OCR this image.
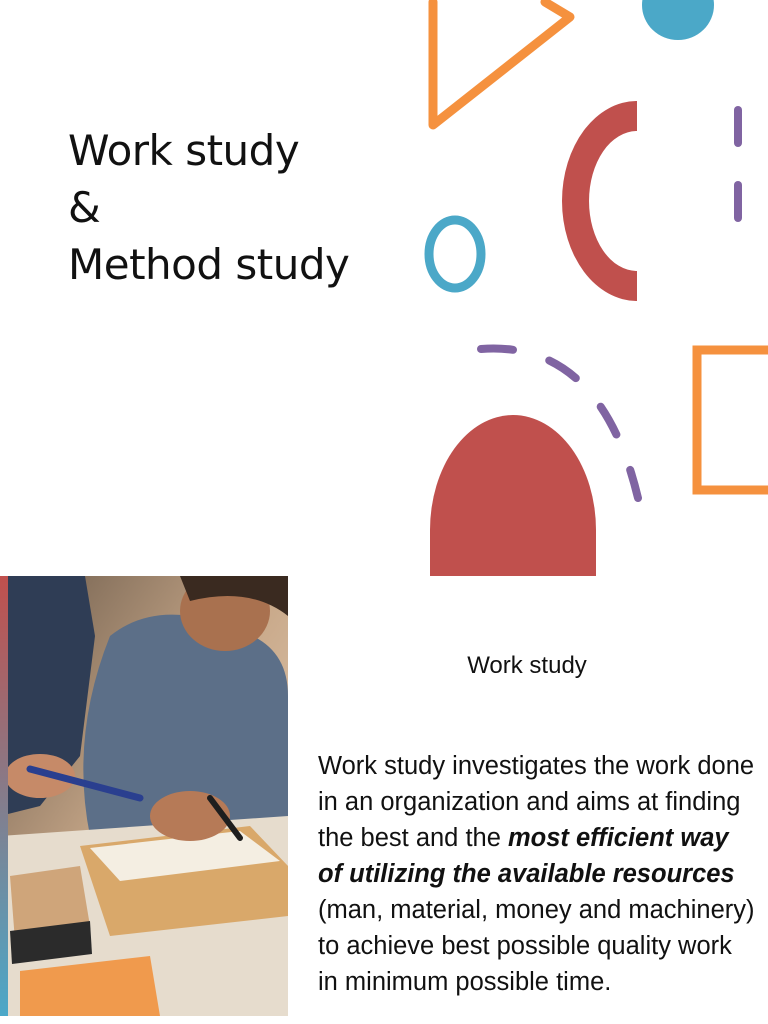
Work study
&
Method study
Work study

Work study investigates the work done in an organization and aims at finding the best and the most efficient way of utilizing the available resources (man, material, money and machinery) to achieve best possible quality work in minimum possible time.
